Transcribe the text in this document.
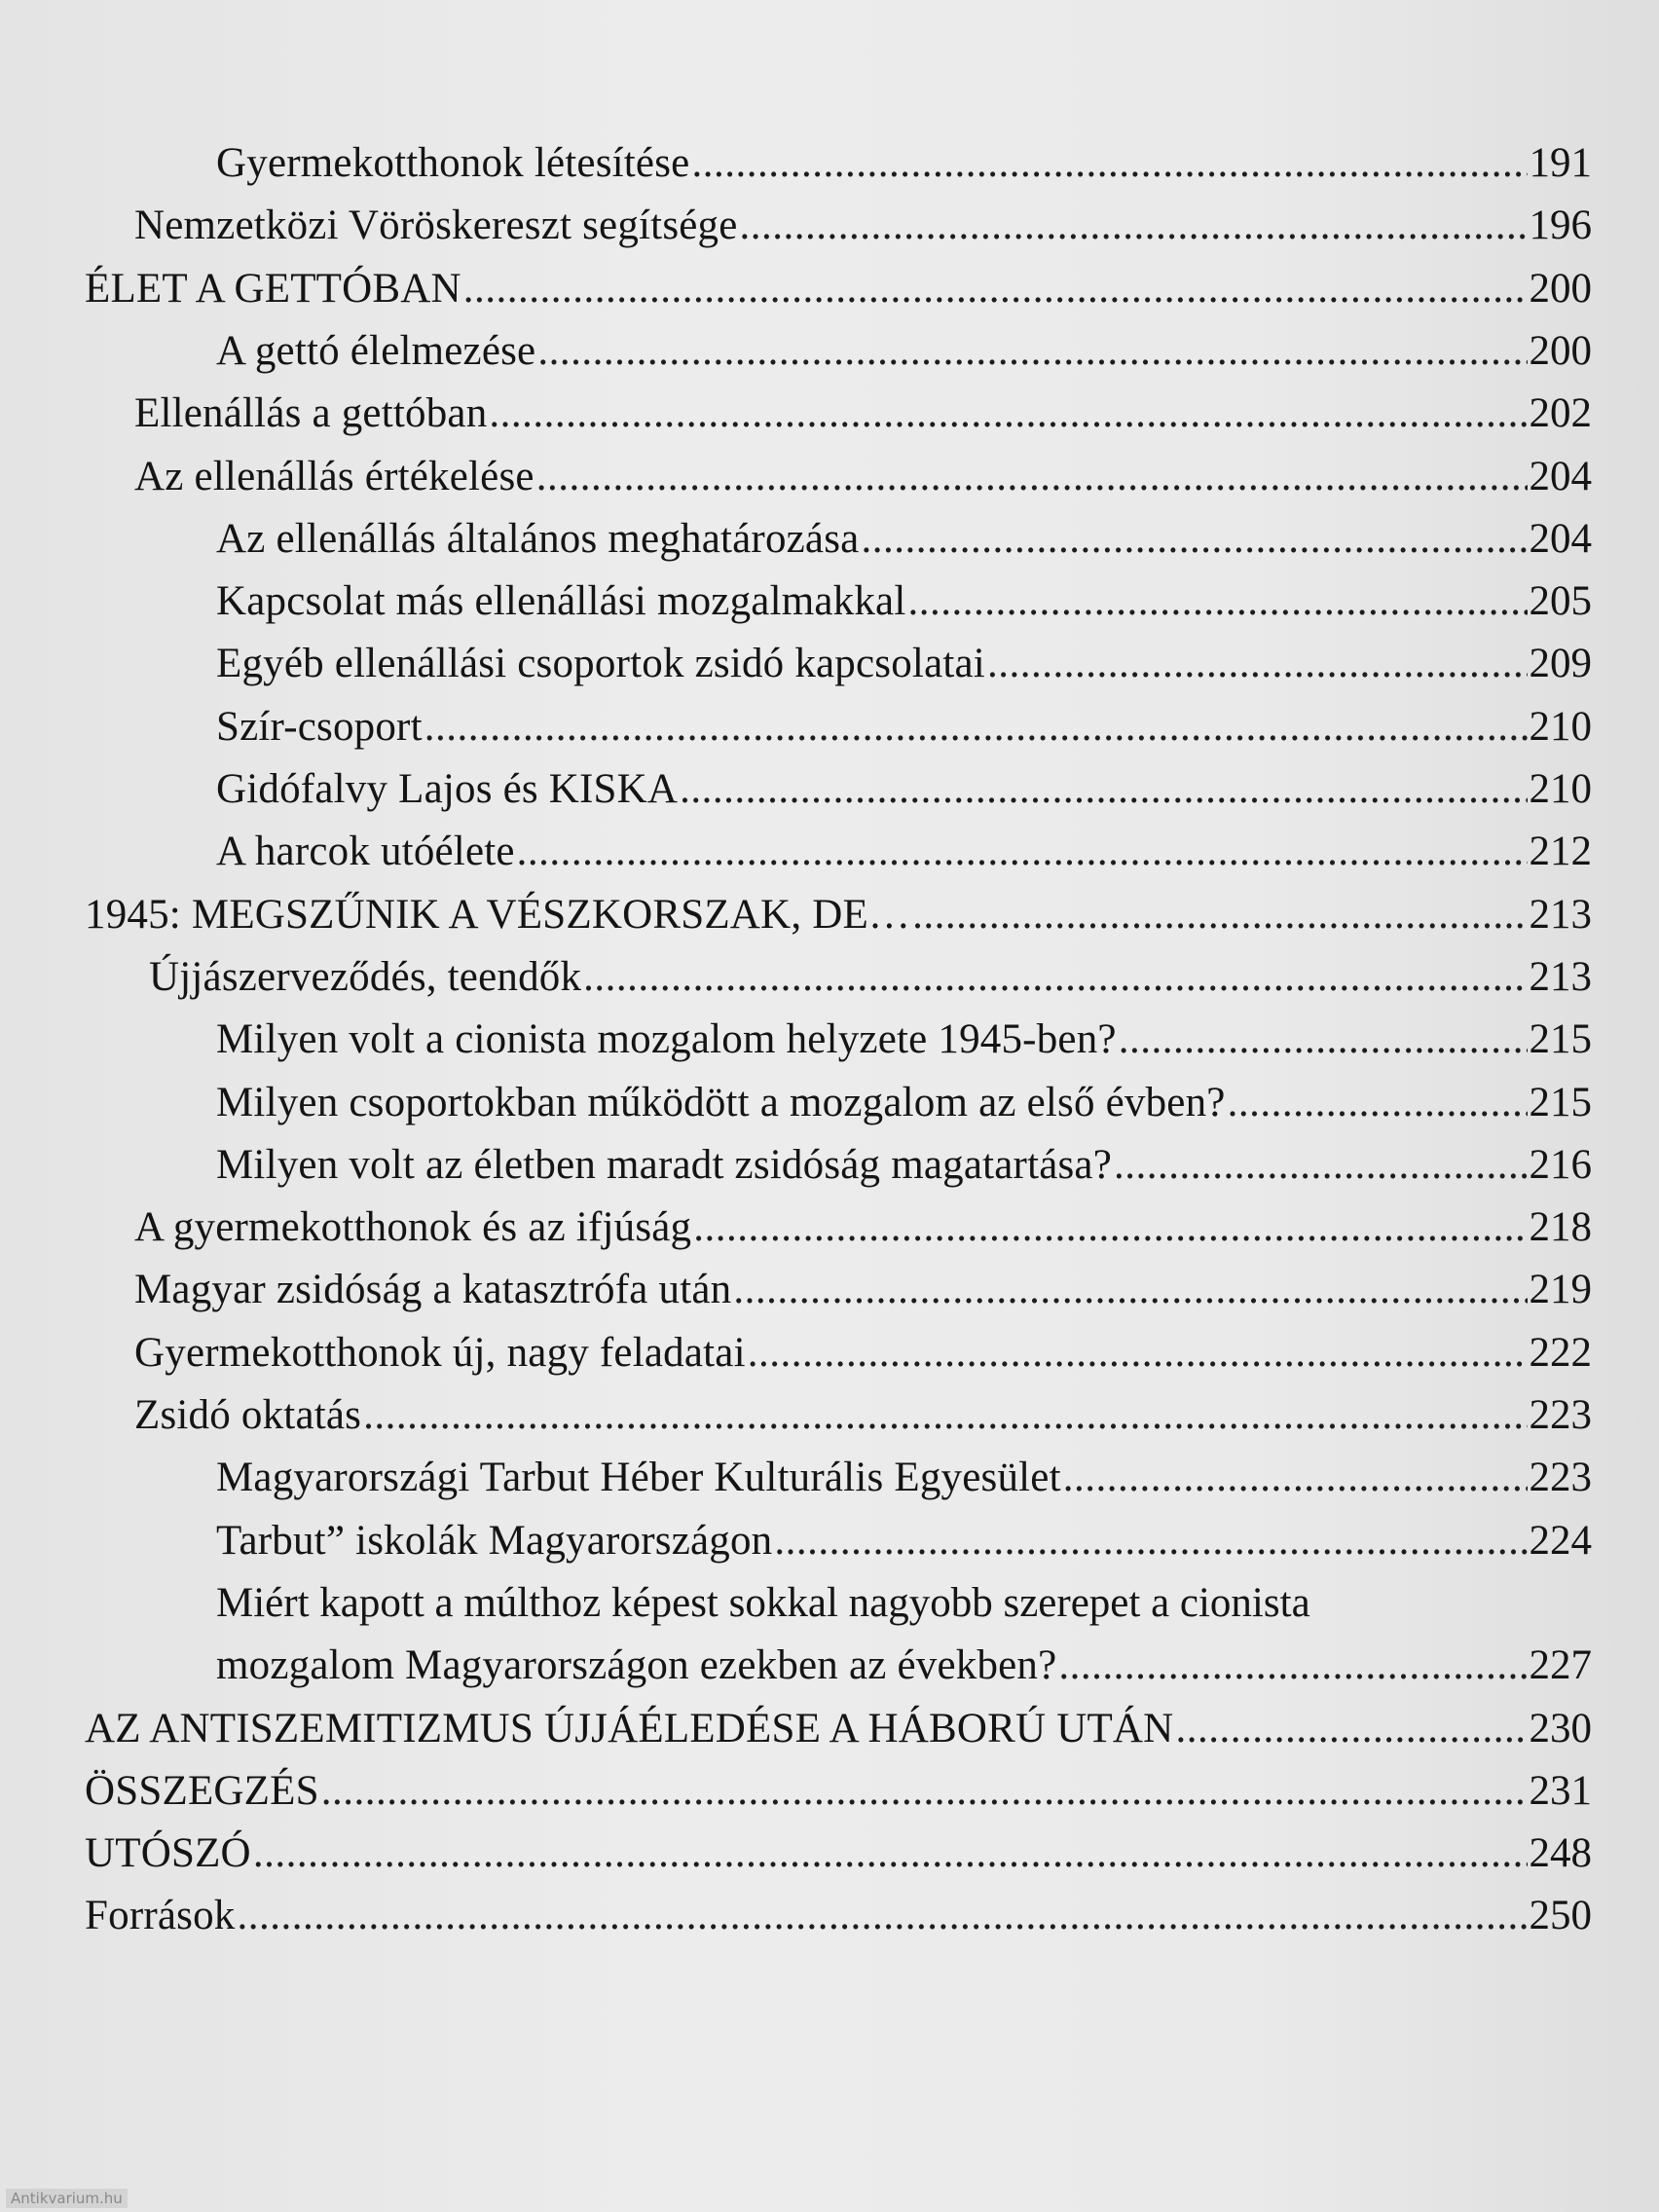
Gyermekotthonok létesítése .....	191
Nemzetközi Vöröskereszt segítsége .....	196
ÉLET A GETTÓBAN .....	200
A gettó élelmezése .....	200
Ellenállás a gettóban .....	202
Az ellenállás értékelése .....	204
Az ellenállás általános meghatározása .....	204
Kapcsolat más ellenállási mozgalmakkal .....	205
Egyéb ellenállási csoportok zsidó kapcsolatai .....	209
Szír-csoport .....	210
Gidófalvy Lajos és KISKA .....	210
A harcok utóélete .....	212
1945: MEGSZŰNIK A VÉSZKORSZAK, DE… .....	213
Újjászerveződés, teendők .....	213
Milyen volt a cionista mozgalom helyzete 1945-ben? .....	215
Milyen csoportokban működött a mozgalom az első évben? .....	215
Milyen volt az életben maradt zsidóság magatartása? .....	216
A gyermekotthonok és az ifjúság .....	218
Magyar zsidóság a katasztrófa után .....	219
Gyermekotthonok új, nagy feladatai .....	222
Zsidó oktatás .....	223
Magyarországi Tarbut Héber Kulturális Egyesület .....	223
Tarbut” iskolák Magyarországon .....	224
Miért kapott a múlthoz képest sokkal nagyobb szerepet a cionista
mozgalom Magyarországon ezekben az években? .....	227
AZ ANTISZEMITIZMUS ÚJJÁÉLEDÉSE A HÁBORÚ UTÁN .....	230
ÖSSZEGZÉS .....	231
UTÓSZÓ .....	248
Források .....	250
Antikvarium.hu
